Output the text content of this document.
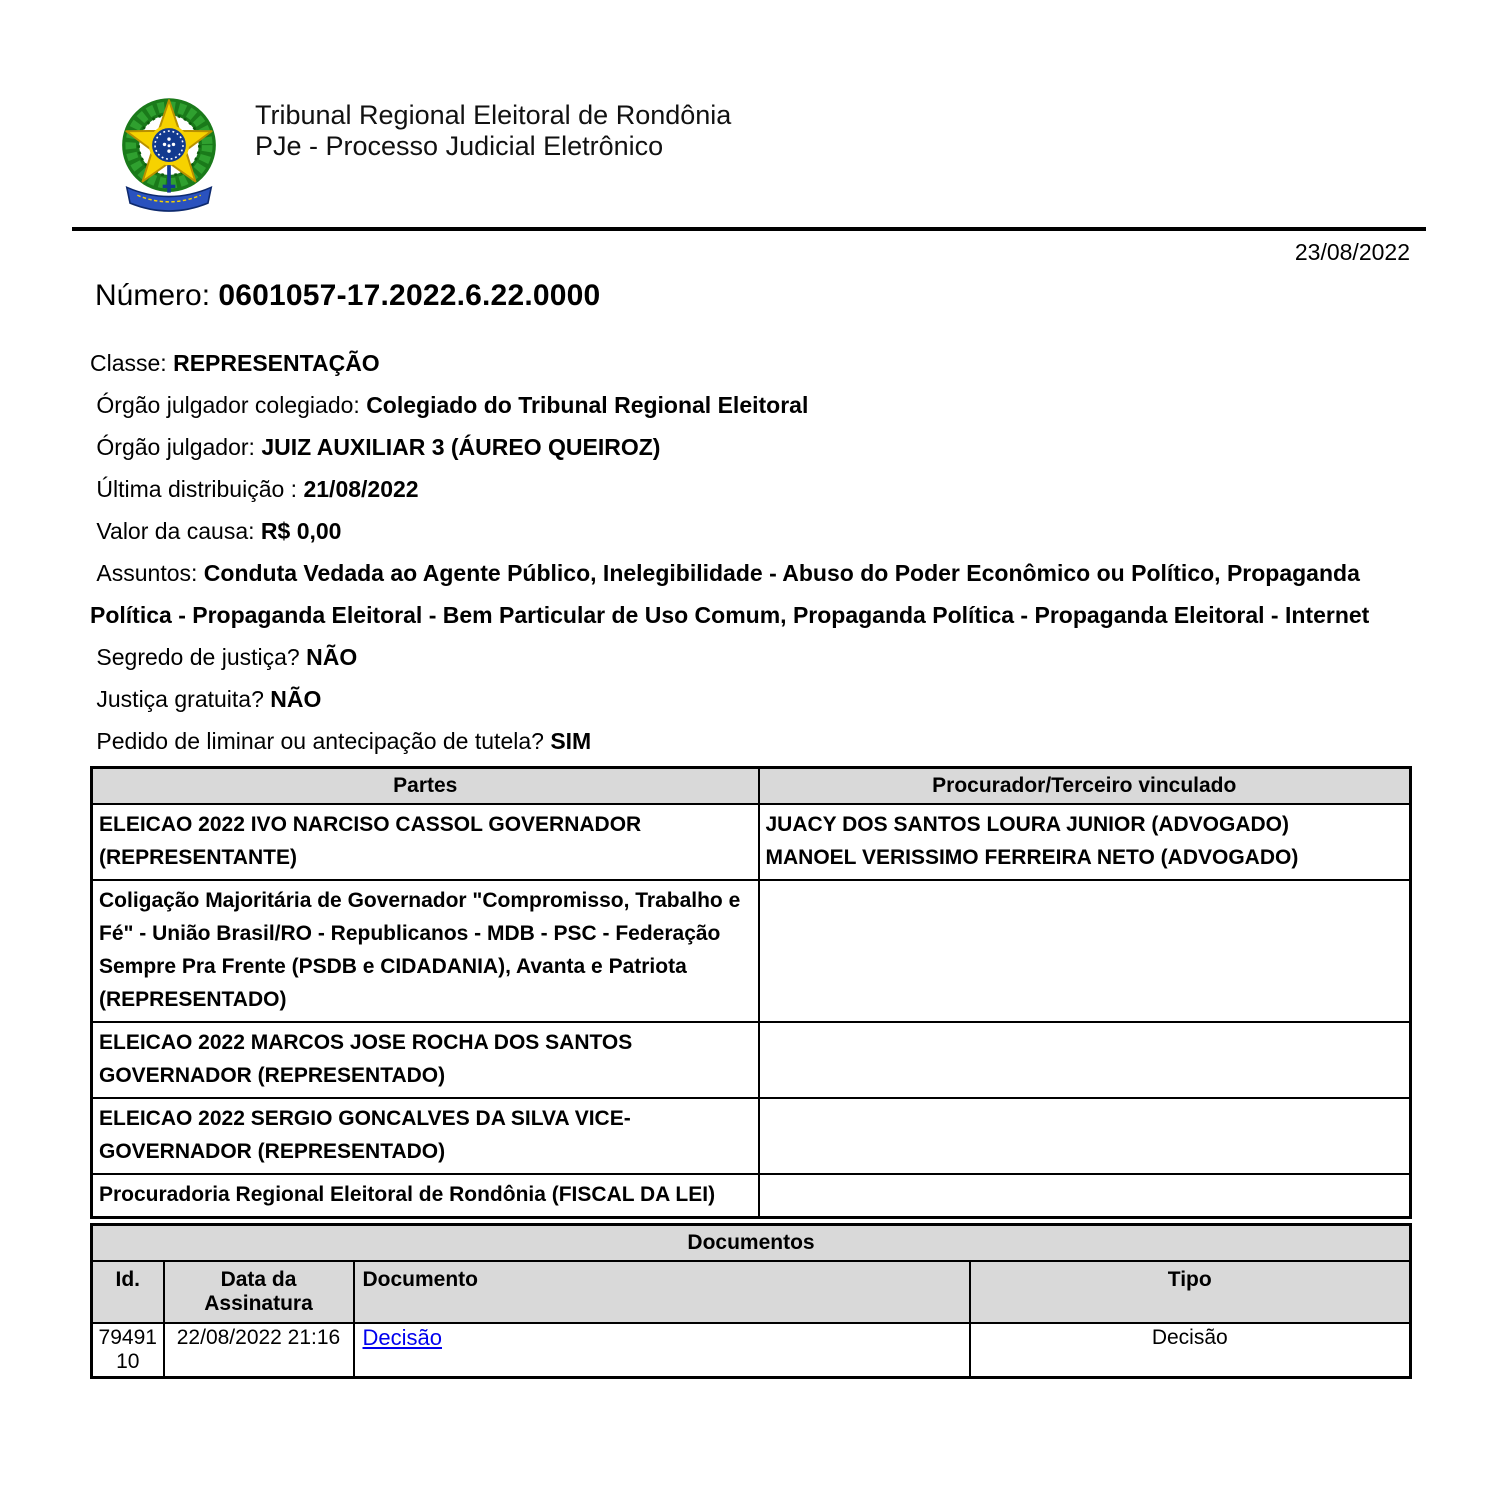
Tribunal Regional Eleitoral de Rondônia
PJe - Processo Judicial Eletrônico
23/08/2022
Número: 0601057-17.2022.6.22.0000
Classe: REPRESENTAÇÃO
Órgão julgador colegiado: Colegiado do Tribunal Regional Eleitoral
Órgão julgador: JUIZ AUXILIAR 3 (ÁUREO QUEIROZ)
Última distribuição : 21/08/2022
Valor da causa: R$ 0,00
Assuntos: Conduta Vedada ao Agente Público, Inelegibilidade - Abuso do Poder Econômico ou Político, Propaganda Política - Propaganda Eleitoral - Bem Particular de Uso Comum, Propaganda Política - Propaganda Eleitoral - Internet
Segredo de justiça? NÃO
Justiça gratuita? NÃO
Pedido de liminar ou antecipação de tutela? SIM
Partes	Procurador/Terceiro vinculado
ELEICAO 2022 IVO NARCISO CASSOL GOVERNADOR (REPRESENTANTE)	JUACY DOS SANTOS LOURA JUNIOR (ADVOGADO)
MANOEL VERISSIMO FERREIRA NETO (ADVOGADO)

Coligação Majoritária de Governador "Compromisso, Trabalho e Fé" - União Brasil/RO - Republicanos - MDB - PSC - Federação Sempre Pra Frente (PSDB e CIDADANIA), Avanta e Patriota (REPRESENTADO)	
ELEICAO 2022 MARCOS JOSE ROCHA DOS SANTOS GOVERNADOR (REPRESENTADO)	
ELEICAO 2022 SERGIO GONCALVES DA SILVA VICE-GOVERNADOR (REPRESENTADO)	
Procuradoria Regional Eleitoral de Rondônia (FISCAL DA LEI)	
Documentos			
Id.	Data da Assinatura	Documento	Tipo
7949110	22/08/2022 21:16	Decisão	Decisão
